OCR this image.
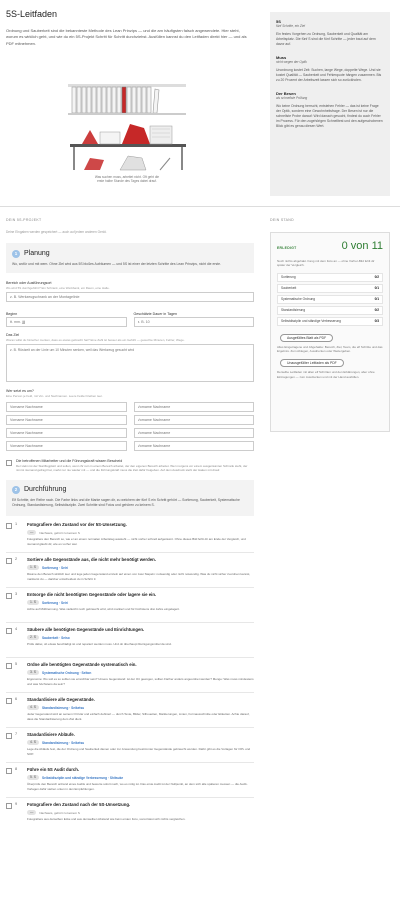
5S-Leitfaden

Ordnung und Sauberkeit sind die bekannteste Methode des Lean Prinzips — und die am häufigsten falsch angewendete. Hier steht, worum es wirklich geht, und wie du ein 5S-Projekt Schritt für Schritt durchziehst. Ausfüllen kannst du den Leitfaden direkt hier — und als PDF mitnehmen.

Was suchen muss, arbeitet nicht. Oft geht die erste halbe Stunde des Tages dabei drauf.
5S
fünf Schritte, ein Ziel

Ein festes Vorgehen zu Ordnung, Sauberkeit und Qualität am Arbeitsplatz. Die fünf S sind die fünf Schritte — jeder baut auf dem davor auf.

Muss
nicht wegen der Optik

Unordnung kostet Zeit: Suchen, lange Wege, doppelte Wege. Und sie kostet Qualität — Sauberkeit und Fehlerquote hängen zusammen. Bis zu 20 Prozent der Arbeitszeit lassen sich so zurückholen.

Der Besen
als schnellste Prüfung

Wo keine Ordnung herrscht, entstehen Fehler — das ist keine Frage der Optik, sondern eine Gewohnheitsfrage. Der Besen ist nur die schnellste Probe darauf: Wird danach gesucht, findest du auch Fehler im Prozess. Für den zugehörigen Schnelltest und den aufgeschobenen Blick gibt es genau diesen Wert.

DEIN 5S-PROJEKT	DEIN STAND
Deine Eingaben werden gespeichert — auch auf jedem anderen Gerät.
1 Planung

Wo, wofür und mit wem. Ohne Ziel wird aus 5S bloßes Aufräumen — und 5S ist einer der letzten Schritte des Lean Prinzips, nicht die erste.

Bereich oder Ausführungsort
Wo wird 5S durchgeführt? Ein Schrank, eine Werkbank, ein Raum, eine Halle.
z. B. Werkzeugschrank an der Montagelinie
Beginn
tt. mm. jjjj	Geschätzte Dauer in Tagen
z. B. 10
Das Ziel
Woran willst du hinterher merken, dass es etwas gebracht hat? Eine Zahl ist besser als ein Gefühl — gesuchte Minuten, Fehler, Wege.
z. B. Rüstzeit an der Linie um 10 Minuten senken, weil das Werkzeug gesucht wird
Wer setzt es um?
Eine Person je Feld, mit Vor- und Nachnamen. Leere Felder bleiben leer.
Vorname Nachname
Vorname Nachname
Vorname Nachname
Vorname Nachname
Vorname Nachname
Vorname Nachname
Vorname Nachname
Vorname Nachname
Die betroffenen Mitarbeiter und die Führungskraft wissen Bescheid
Der Helm ist der Startflugplatz und sollen, wenn ihr rein in einem Bereich arbeitet, der den eigenen Bereich arbeitet. Wer morgens vor einem ausgeräumten Schrank steht, der nimmt niemand gefragt hat, merkt nur nie wieder mit — und die Führungskraft muss die Zeit dafür freigeben. Auf dem Ausdruck steht der Haken mit drauf.
2 Durchführung

Elf Schritte, der Reihe nach. Die Farbe links und die Marke sagen dir, zu welchem der fünf S ein Schritt gehört — Sortierung, Sauberkeit, Systematische Ordnung, Standardisierung, Selbstdisziplin. Zwei Schritte sind Fotos und gehören zu keinem S.

1 Fotografiere den Zustand vor der 5S-Umsetzung.
—	Nachweis, gehört zu keinem S

Fotografiere den Bereich so, wie er an einem normalen Arbeitstag aussieht — nicht vorher schnell aufgeräumt. Ohne dieses Bild fehlt dir am Ende der Vergleich, und niemand glaubt dir, wie es vorher war.

2 Sortiere alle Gegenstände aus, die nicht mehr benötigt werden.
1. S	Sortierung · Seiri

Räume den Bereich wirklich leer und lege jeden Gegenstand einzeln auf einen von zwei Stapeln: notwendig oder nicht notwendig. Was du nicht sicher zuordnen kannst, markierst du — darüber entscheidest du in Schritt 3.

3 Entsorge die nicht benötigten Gegenstände oder lagere sie ein.
1. S	Sortierung · Seiri

Achte auf Mülltrennung. Was vielleicht noch gebraucht wird, wird markiert und für höchstens drei Jahre eingelagert.

4 Säubere alle benötigten Gegenstände und Einrichtungen.
2. S	Sauberkeit · Seiso

Prüfe dabei, ob etwas beschädigt ist und repariert werden muss. Und ob überhaupt Reinigungsmittel da sind.

5 Ordne alle benötigten Gegenstände systematisch ein.
3. S	Systematische Ordnung · Seiton

Ergonomie: Wo soll es so sollten sie erreichbar sein? Unsere Gegenstand: ist der Ort gewogen, sollten Fächer anders angeordnet werden? Menge: Was muss mindestens und was höchstens da sein?

6 Standardisiere alle Gegenstände.
4. S	Standardisierung · Seiketsu

Jeder Gegenstand wird an seinem Ort klar und einfach definiert — durch Texte, Bilder, Silhouetten, Markierungen, Linien, Formausschnitte oder Etiketten. Achte darauf, dass die Standardisierung dem Ziel dient.

7 Standardisiere Abläufe.
4. S	Standardisierung · Seiketsu

Lege die Abläufe fest, die der Ordnung und Sauberkeit dienen oder zur Anwendung bestimmter Gegenstände gebraucht werden. Dafür gibt es die Vorlagen für OPL und SOP.

8 Führe ein 5S Audit durch.
5. S	Selbstdisziplin und ständige Verbesserung · Shitsuke

Überprüfe den Bereich anhand eines Audits und bewerte sofort nach, wo es nötig ist. Das erste Audit ist der Nullpunkt, an dem sich alle späteren messen — die Audit-Vorlagen dafür stehen unten in den Empfehlungen.

9 Fotografiere den Zustand nach der 5S-Umsetzung.
—	Nachweis, gehört zu keinem S

Fotografiere aus derselben Ecke und aus demselben Abstand wie beim ersten Foto, sonst lässt sich nichts vergleichen.

ERLEDIGT	0 von 11
Noch nichts abgehakt. Fang mit dem Foto an — ohne Vorher-Bild fehlt dir später der Vergleich.
Sortierung	0/2
Sauberkeit	0/1
Systematische Ordnung	0/1
Standardisierung	0/2
Selbstdisziplin und ständige Verbesserung	0/3
Ausgefülltes Blatt als PDF
Alles Eingetragene und Abgehakte: Bereich, Ziel, Team, die elf Schritte und das Ergebnis. Zum Ablegen, Ausdrucken oder Weitergeben.
Unausgefüllter Leitfaden als PDF
Derselbe Leitfaden mit allen elf Schritten und den Erklärungen, aber ohne Eintragungen — zum Ausdrucken und mit der Hand ausfüllen.
